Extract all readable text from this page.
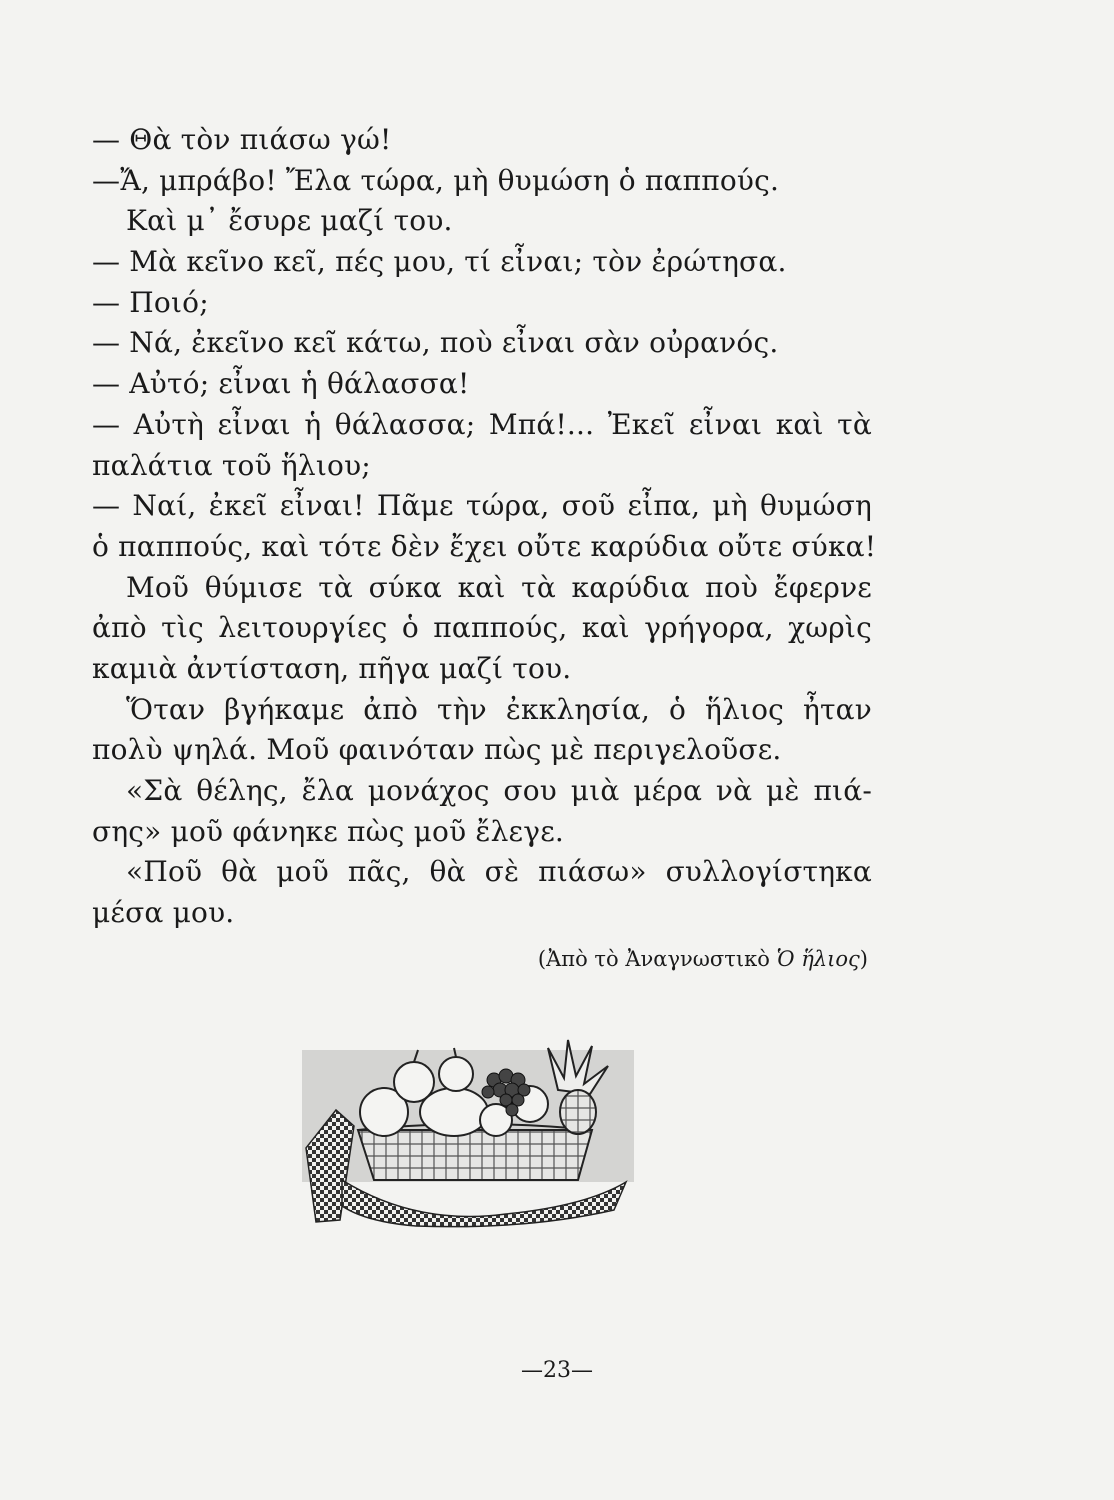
— Θὰ τὸν πιάσω γώ!
—Ἄ, μπράβο! Ἔλα τώρα, μὴ θυμώση ὁ παππούς.
Καὶ μ᾽ ἔσυρε μαζί του.
— Μὰ κεῖνο κεῖ, πές μου, τί εἶναι; τὸν ἐρώτησα.
— Ποιό;
— Νά, ἐκεῖνο κεῖ κάτω, ποὺ εἶναι σὰν οὐρανός.
— Αὐτό; εἶναι ἡ θάλασσα!
— Αὐτὴ εἶναι ἡ θάλασσα; Μπά!... Ἐκεῖ εἶναι καὶ τὰ
παλάτια τοῦ ἥλιου;
— Ναί, ἐκεῖ εἶναι! Πᾶμε τώρα, σοῦ εἶπα, μὴ θυμώση
ὁ παππούς, καὶ τότε δὲν ἔχει οὔτε καρύδια οὔτε σύκα!
Μοῦ θύμισε τὰ σύκα καὶ τὰ καρύδια ποὺ ἔφερνε
ἀπὸ τὶς λειτουργίες ὁ παππούς, καὶ γρήγορα, χωρὶς
καμιὰ ἀντίσταση, πῆγα μαζί του.
Ὅταν βγήκαμε ἀπὸ τὴν ἐκκλησία, ὁ ἥλιος ἦταν
πολὺ ψηλά. Μοῦ φαινόταν πὼς μὲ περιγελοῦσε.
«Σὰ θέλης, ἔλα μονάχος σου μιὰ μέρα νὰ μὲ πιά-
σης» μοῦ φάνηκε πὼς μοῦ ἔλεγε.
«Ποῦ θὰ μοῦ πᾶς, θὰ σὲ πιάσω» συλλογίστηκα
μέσα μου.
(Ἀπὸ τὸ Ἀναγνωστικὸ Ὁ ἥλιος)
—23—
